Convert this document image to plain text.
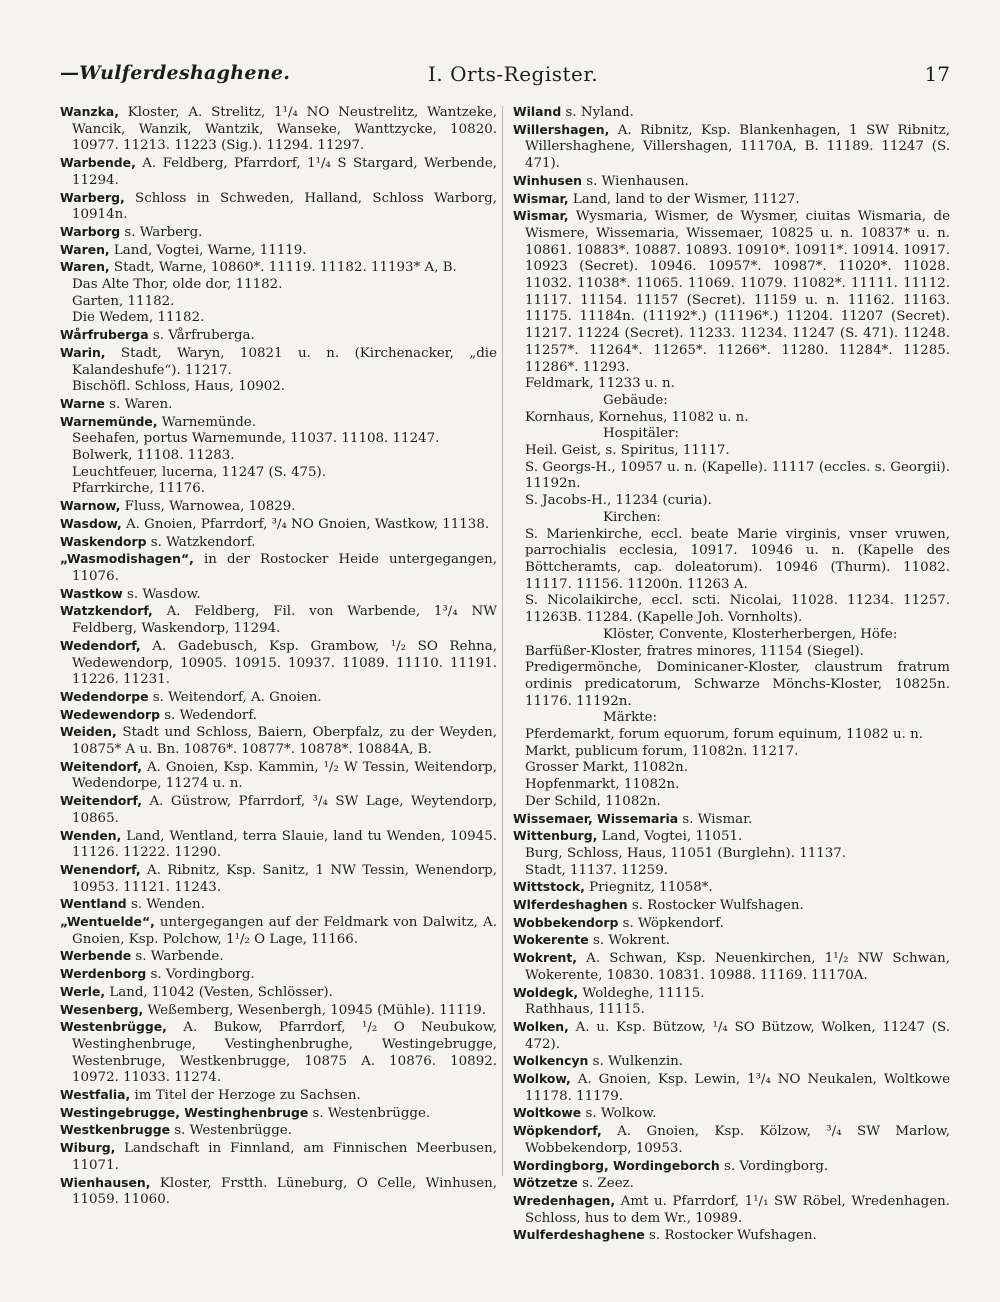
—Wulferdeshaghene.	I. Orts-Register.	17

Wanzka, Kloster, A. Strelitz, 1¹/₄ NO Neustrelitz, Wantzeke, Wancik, Wanzik, Wantzik, Wanseke, Wanttzycke, 10820. 10977. 11213. 11223 (Sig.). 11294. 11297.

Warbende, A. Feldberg, Pfarrdorf, 1¹/₄ S Stargard, Werbende, 11294.

Warberg, Schloss in Schweden, Halland, Schloss Warborg, 10914n.

Warborg s. Warberg.

Waren, Land, Vogtei, Warne, 11119.

Waren, Stadt, Warne, 10860*. 11119. 11182. 11193* A, B.

Das Alte Thor, olde dor, 11182.

Garten, 11182.

Die Wedem, 11182.

Wårfruberga s. Vårfruberga.

Warin, Stadt, Waryn, 10821 u. n. (Kirchenacker, „die Kalandeshufe“). 11217.

Bischöfl. Schloss, Haus, 10902.

Warne s. Waren.

Warnemünde, Warnemünde.

Seehafen, portus Warnemunde, 11037. 11108. 11247.

Bolwerk, 11108. 11283.

Leuchtfeuer, lucerna, 11247 (S. 475).

Pfarrkirche, 11176.

Warnow, Fluss, Warnowea, 10829.

Wasdow, A. Gnoien, Pfarrdorf, ³/₄ NO Gnoien, Wastkow, 11138.

Waskendorp s. Watzkendorf.

„Wasmodishagen“, in der Rostocker Heide untergegangen, 11076.

Wastkow s. Wasdow.

Watzkendorf, A. Feldberg, Fil. von Warbende, 1³/₄ NW Feldberg, Waskendorp, 11294.

Wedendorf, A. Gadebusch, Ksp. Grambow, ¹/₂ SO Rehna, Wedewendorp, 10905. 10915. 10937. 11089. 11110. 11191. 11226. 11231.

Wedendorpe s. Weitendorf, A. Gnoien.

Wedewendorp s. Wedendorf.

Weiden, Stadt und Schloss, Baiern, Oberpfalz, zu der Weyden, 10875* A u. Bn. 10876*. 10877*. 10878*. 10884A, B.

Weitendorf, A. Gnoien, Ksp. Kammin, ¹/₂ W Tessin, Weitendorp, Wedendorpe, 11274 u. n.

Weitendorf, A. Güstrow, Pfarrdorf, ³/₄ SW Lage, Weytendorp, 10865.

Wenden, Land, Wentland, terra Slauie, land tu Wenden, 10945. 11126. 11222. 11290.

Wenendorf, A. Ribnitz, Ksp. Sanitz, 1 NW Tessin, Wenendorp, 10953. 11121. 11243.

Wentland s. Wenden.

„Wentuelde“, untergegangen auf der Feldmark von Dalwitz, A. Gnoien, Ksp. Polchow, 1¹/₂ O Lage, 11166.

Werbende s. Warbende.

Werdenborg s. Vordingborg.

Werle, Land, 11042 (Vesten, Schlösser).

Wesenberg, Weßemberg, Wesenbergh, 10945 (Mühle). 11119.

Westenbrügge, A. Bukow, Pfarrdorf, ¹/₂ O Neubukow, Westinghenbruge, Vestinghenbrughe, Westingebrugge, Westenbruge, Westkenbrugge, 10875 A. 10876. 10892. 10972. 11033. 11274.

Westfalia, im Titel der Herzoge zu Sachsen.

Westingebrugge, Westinghenbruge s. Westenbrügge.

Westkenbrugge s. Westenbrügge.

Wiburg, Landschaft in Finnland, am Finnischen Meerbusen, 11071.

Wienhausen, Kloster, Frstth. Lüneburg, O Celle, Winhusen, 11059. 11060.

Wiland s. Nyland.

Willershagen, A. Ribnitz, Ksp. Blankenhagen, 1 SW Ribnitz, Willershaghene, Villershagen, 11170A, B. 11189. 11247 (S. 471).

Winhusen s. Wienhausen.

Wismar, Land, land to der Wismer, 11127.

Wismar, Wysmaria, Wismer, de Wysmer, ciuitas Wismaria, de Wismere, Wissemaria, Wissemaer, 10825 u. n. 10837* u. n. 10861. 10883*. 10887. 10893. 10910*. 10911*. 10914. 10917. 10923 (Secret). 10946. 10957*. 10987*. 11020*. 11028. 11032. 11038*. 11065. 11069. 11079. 11082*. 11111. 11112. 11117. 11154. 11157 (Secret). 11159 u. n. 11162. 11163. 11175. 11184n. (11192*.) (11196*.) 11204. 11207 (Secret). 11217. 11224 (Secret). 11233. 11234. 11247 (S. 471). 11248. 11257*. 11264*. 11265*. 11266*. 11280. 11284*. 11285. 11286*. 11293.

Feldmark, 11233 u. n.

Gebäude:

Kornhaus, Kornehus, 11082 u. n.

Hospitäler:

Heil. Geist, s. Spiritus, 11117.

S. Georgs-H., 10957 u. n. (Kapelle). 11117 (eccles. s. Georgii). 11192n.

S. Jacobs-H., 11234 (curia).

Kirchen:

S. Marienkirche, eccl. beate Marie virginis, vnser vruwen, parrochialis ecclesia, 10917. 10946 u. n. (Kapelle des Böttcheramts, cap. doleatorum). 10946 (Thurm). 11082. 11117. 11156. 11200n. 11263 A.

S. Nicolaikirche, eccl. scti. Nicolai, 11028. 11234. 11257. 11263B. 11284. (Kapelle Joh. Vornholts).

Klöster, Convente, Klosterherbergen, Höfe:

Barfüßer-Kloster, fratres minores, 11154 (Siegel).

Predigermönche, Dominicaner-Kloster, claustrum fratrum ordinis predicatorum, Schwarze Mönchs-Kloster, 10825n. 11176. 11192n.

Märkte:

Pferdemarkt, forum equorum, forum equinum, 11082 u. n.

Markt, publicum forum, 11082n. 11217.

Grosser Markt, 11082n.

Hopfenmarkt, 11082n.

Der Schild, 11082n.

Wissemaer, Wissemaria s. Wismar.

Wittenburg, Land, Vogtei, 11051.

Burg, Schloss, Haus, 11051 (Burglehn). 11137.

Stadt, 11137. 11259.

Wittstock, Priegnitz, 11058*.

Wlferdeshaghen s. Rostocker Wulfshagen.

Wobbekendorp s. Wöpkendorf.

Wokerente s. Wokrent.

Wokrent, A. Schwan, Ksp. Neuenkirchen, 1¹/₂ NW Schwan, Wokerente, 10830. 10831. 10988. 11169. 11170A.

Woldegk, Woldeghe, 11115.

Rathhaus, 11115.

Wolken, A. u. Ksp. Bützow, ¹/₄ SO Bützow, Wolken, 11247 (S. 472).

Wolkencyn s. Wulkenzin.

Wolkow, A. Gnoien, Ksp. Lewin, 1³/₄ NO Neukalen, Woltkowe 11178. 11179.

Woltkowe s. Wolkow.

Wöpkendorf, A. Gnoien, Ksp. Kölzow, ³/₄ SW Marlow, Wobbekendorp, 10953.

Wordingborg, Wordingeborch s. Vordingborg.

Wötzetze s. Zeez.

Wredenhagen, Amt u. Pfarrdorf, 1¹/₁ SW Röbel, Wredenhagen. Schloss, hus to dem Wr., 10989.

Wulferdeshaghene s. Rostocker Wufshagen.
